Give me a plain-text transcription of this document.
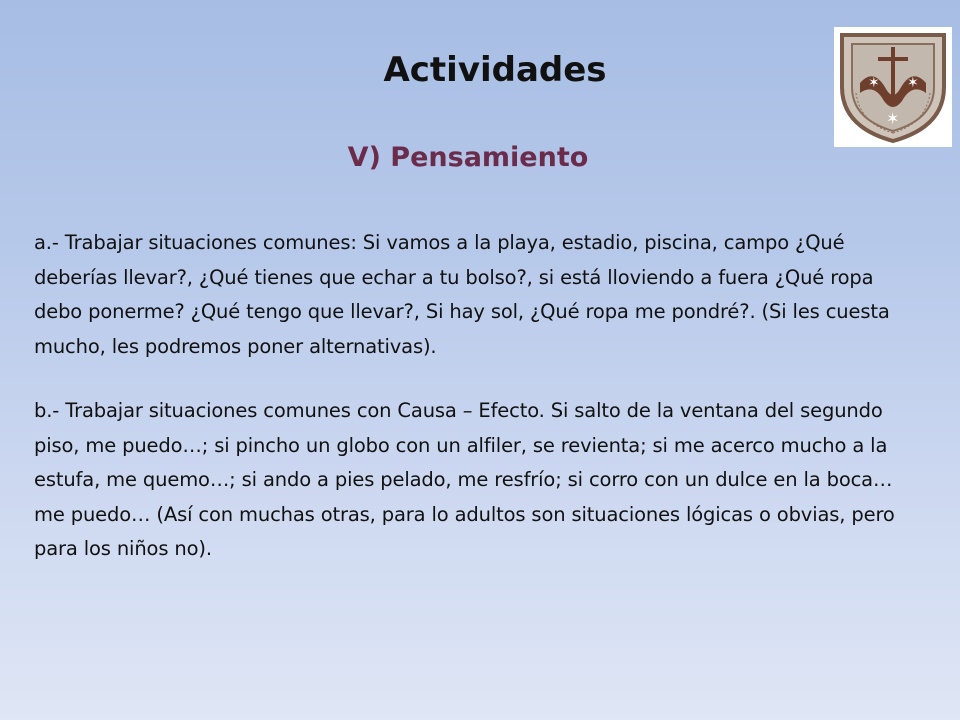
Actividades
V) Pensamiento
a.- Trabajar situaciones comunes: Si vamos a la playa, estadio, piscina, campo ¿Qué deberías llevar?, ¿Qué tienes que echar a tu bolso?, si está lloviendo a fuera ¿Qué ropa debo ponerme? ¿Qué tengo que llevar?, Si hay sol, ¿Qué ropa me pondré?. (Si les cuesta mucho, les podremos poner alternativas).
b.- Trabajar situaciones comunes con Causa – Efecto. Si salto de la ventana del segundo piso, me puedo…; si pincho un globo con un alfiler, se revienta; si me acerco mucho a la estufa, me quemo…; si ando a pies pelado, me resfrío; si corro con un dulce en la boca… me puedo… (Así con muchas otras, para lo adultos son situaciones lógicas o obvias, pero para los niños no).
✶ ✶
✶
